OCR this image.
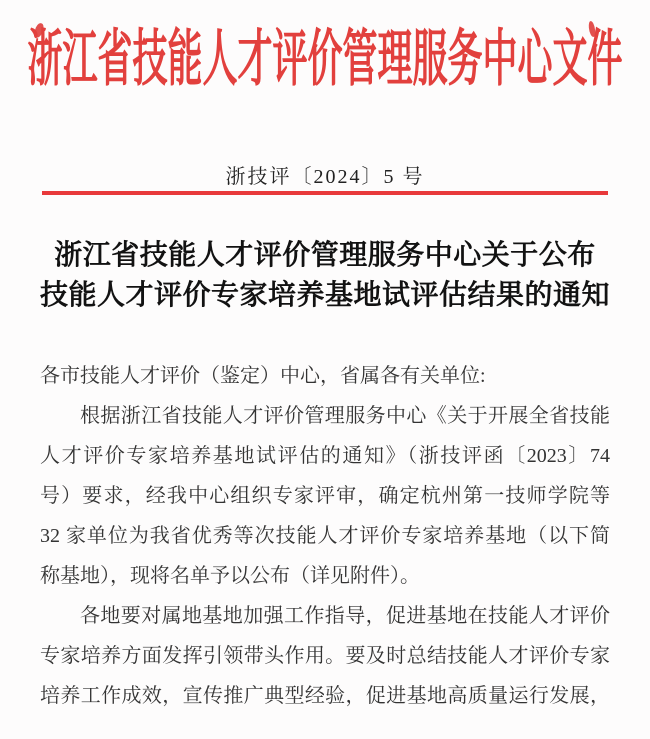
浙江省技能人才评价管理服务中心文件
浙技评〔2024〕5 号
浙江省技能人才评价管理服务中心关于公布
技能人才评价专家培养基地试评估结果的通知
各市技能人才评价（鉴定）中心，省属各有关单位:
根据浙江省技能人才评价管理服务中心《关于开展全省技能
人才评价专家培养基地试评估的通知》（浙技评函〔2023〕74
号）要求，经我中心组织专家评审，确定杭州第一技师学院等
32 家单位为我省优秀等次技能人才评价专家培养基地（以下简
称基地），现将名单予以公布（详见附件）。
各地要对属地基地加强工作指导，促进基地在技能人才评价
专家培养方面发挥引领带头作用。要及时总结技能人才评价专家
培养工作成效，宣传推广典型经验，促进基地高质量运行发展，
